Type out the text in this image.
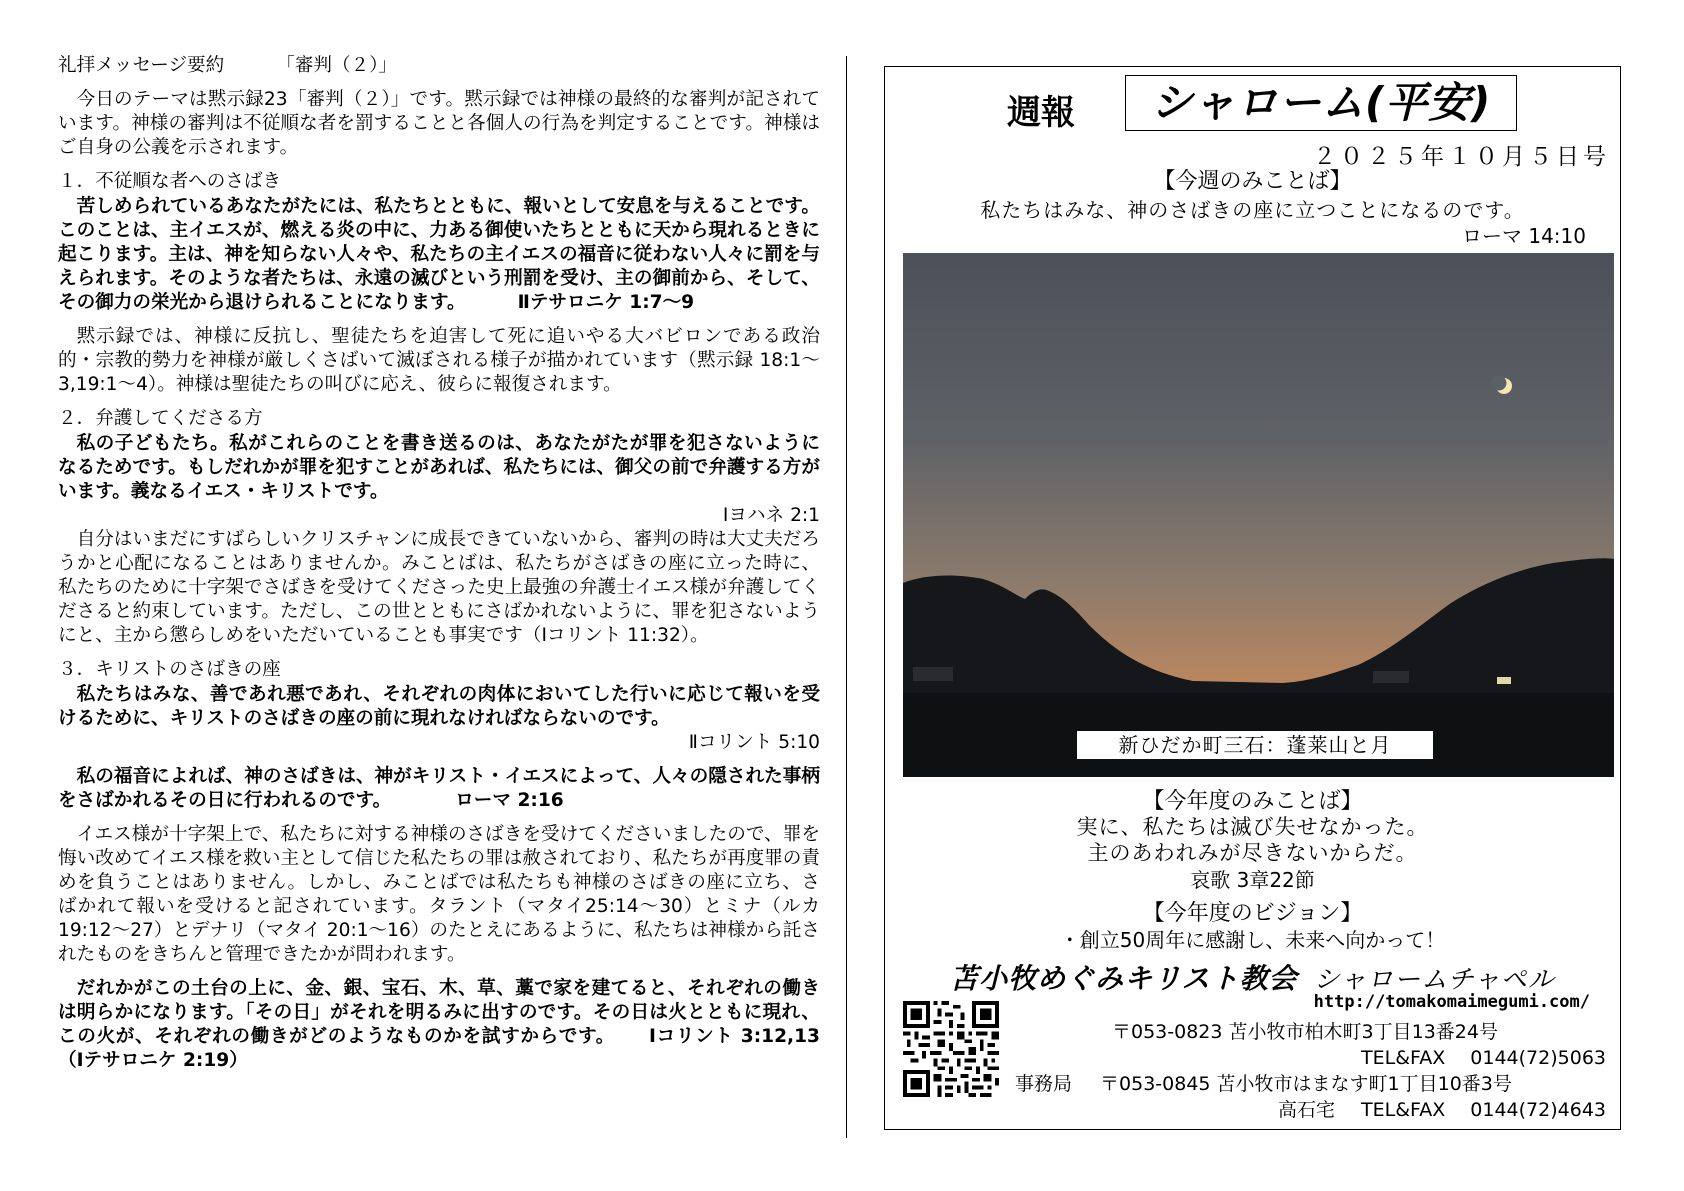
礼拝メッセージ要約	「審判（２）」

今日のテーマは黙示録23「審判（２）」です。黙示録では神様の最終的な審判が記されています。神様の審判は不従順な者を罰することと各個人の行為を判定することです。神様はご自身の公義を示されます。

１．不従順な者へのさばき

苦しめられているあなたがたには、私たちとともに、報いとして安息を与えることです。このことは、主イエスが、燃える炎の中に、力ある御使いたちとともに天から現れるときに起こります。主は、神を知らない人々や、私たちの主イエスの福音に従わない人々に罰を与えられます。そのような者たちは、永遠の滅びという刑罰を受け、主の御前から、そして、その御力の栄光から退けられることになります。	Ⅱテサロニケ 1:7～9

黙示録では、神様に反抗し、聖徒たちを迫害して死に追いやる大バビロンである政治的・宗教的勢力を神様が厳しくさばいて滅ぼされる様子が描かれています（黙示録 18:1～3,19:1～4）。神様は聖徒たちの叫びに応え、彼らに報復されます。

２．弁護してくださる方

私の子どもたち。私がこれらのことを書き送るのは、あなたがたが罪を犯さないようになるためです。もしだれかが罪を犯すことがあれば、私たちには、御父の前で弁護する方がいます。義なるイエス・キリストです。

Ⅰヨハネ 2:1

自分はいまだにすばらしいクリスチャンに成長できていないから、審判の時は大丈夫だろうかと心配になることはありませんか。みことばは、私たちがさばきの座に立った時に、私たちのために十字架でさばきを受けてくださった史上最強の弁護士イエス様が弁護してくださると約束しています。ただし、この世とともにさばかれないように、罪を犯さないようにと、主から懲らしめをいただいていることも事実です（Ⅰコリント 11:32）。

３．キリストのさばきの座

私たちはみな、善であれ悪であれ、それぞれの肉体においてした行いに応じて報いを受けるために、キリストのさばきの座の前に現れなければならないのです。

Ⅱコリント 5:10

私の福音によれば、神のさばきは、神がキリスト・イエスによって、人々の隠された事柄をさばかれるその日に行われるのです。	ローマ 2:16

イエス様が十字架上で、私たちに対する神様のさばきを受けてくださいましたので、罪を悔い改めてイエス様を救い主として信じた私たちの罪は赦されており、私たちが再度罪の責めを負うことはありません。しかし、みことばでは私たちも神様のさばきの座に立ち、さばかれて報いを受けると記されています。タラント（マタイ25:14～30）とミナ（ルカ 19:12～27）とデナリ（マタイ 20:1～16）のたとえにあるように、私たちは神様から託されたものをきちんと管理できたかが問われます。

だれかがこの土台の上に、金、銀、宝石、木、草、藁で家を建てると、それぞれの働きは明らかになります。「その日」がそれを明るみに出すのです。その日は火とともに現れ、この火が、それぞれの働きがどのようなものかを試すからです。 Ⅰコリント 3:12,13（Ⅰテサロニケ 2:19）

週報	シャローム(平安)
２０２５年１０月５日号
【今週のみことば】
私たちはみな、神のさばきの座に立つことになるのです。
ローマ 14:10
新ひだか町三石：蓬莱山と月
【今年度のみことば】
実に、私たちは滅び失せなかった。
主のあわれみが尽きないからだ。
哀歌 3章22節
【今年度のビジョン】
・創立50周年に感謝し、未来へ向かって！
苫小牧めぐみキリスト教会 シャロームチャペル
http://tomakomaimegumi.com/
〒053-0823 苫小牧市柏木町3丁目13番24号
TEL&FAX　 0144(72)5063
事務局 〒053-0845 苫小牧市はまなす町1丁目10番3号
高石宅 TEL&FAX　 0144(72)4643
